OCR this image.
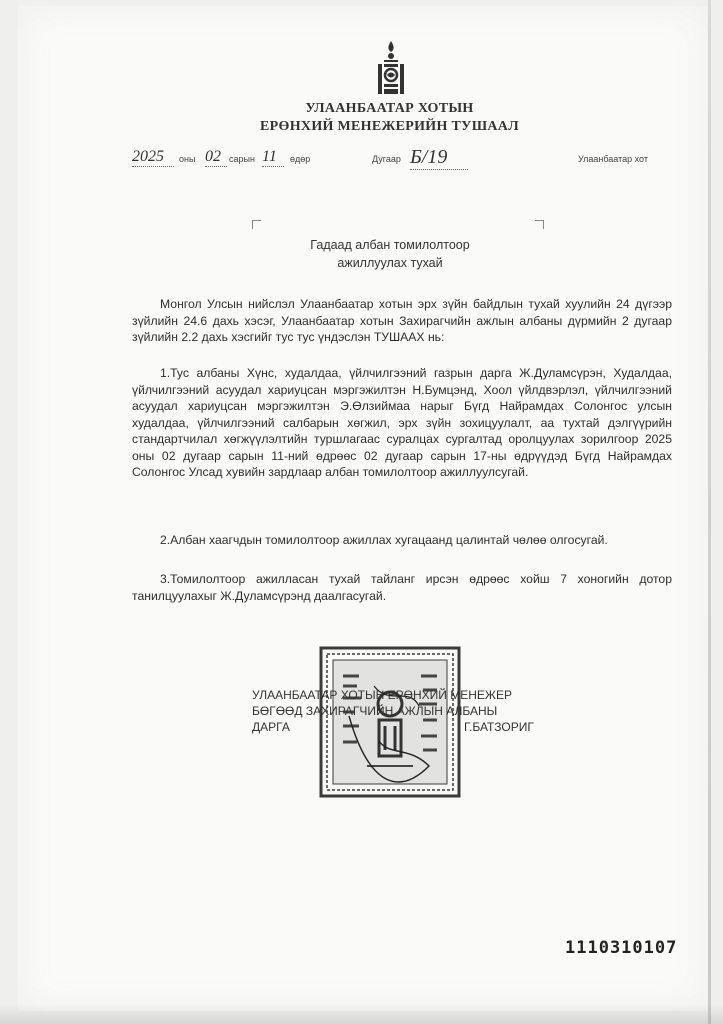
УЛААНБААТАР ХОТЫН
ЕРӨНХИЙ МЕНЕЖЕРИЙН ТУШААЛ
2025	оны 02 сарын 11	өдөр	Дугаар Б/19	Улаанбаатар хот
Гадаад албан томилолтоор
ажиллуулах тухай
Монгол Улсын нийслэл Улаанбаатар хотын эрх зүйн байдлын тухай хуулийн 24 дүгээр зүйлийн 24.6 дахь хэсэг, Улаанбаатар хотын Захирагчийн ажлын албаны дүрмийн 2 дугаар зүйлийн 2.2 дахь хэсгийг тус тус үндэслэн ТУШААХ нь:
1.Тус албаны Хүнс, худалдаа, үйлчилгээний газрын дарга Ж.Дуламсүрэн, Худалдаа, үйлчилгээний асуудал хариуцсан мэргэжилтэн Н.Бумцэнд, Хоол үйлдвэрлэл, үйлчилгээний асуудал хариуцсан мэргэжилтэн Э.Өлзиймаа нарыг Бүгд Найрамдах Солонгос улсын худалдаа, үйлчилгээний салбарын хөгжил, эрх зүйн зохицуулалт, аа тухтай дэлгүүрийн стандартчилал хөгжүүлэлтийн туршлагаас суралцах сургалтад оролцуулах зорилгоор 2025 оны 02 дугаар сарын 11-ний өдрөөс 02 дугаар сарын 17-ны өдрүүдэд Бүгд Найрамдах Солонгос Улсад хувийн зардлаар албан томилолтоор ажиллуулсугай.
2.Албан хаагчдын томилолтоор ажиллах хугацаанд цалинтай чөлөө олгосугай.
3.Томилолтоор ажилласан тухай тайланг ирсэн өдрөөс хойш 7 хоногийн дотор танилцуулахыг Ж.Дуламсүрэнд даалгасугай.
УЛААНБААТАР ХОТЫН ЕРӨНХИЙ МЕНЕЖЕР
БӨГӨӨД ЗАХИРАГЧИЙН АЖЛЫН АЛБАНЫ
ДАРГА	Г.БАТЗОРИГ
1110310107
